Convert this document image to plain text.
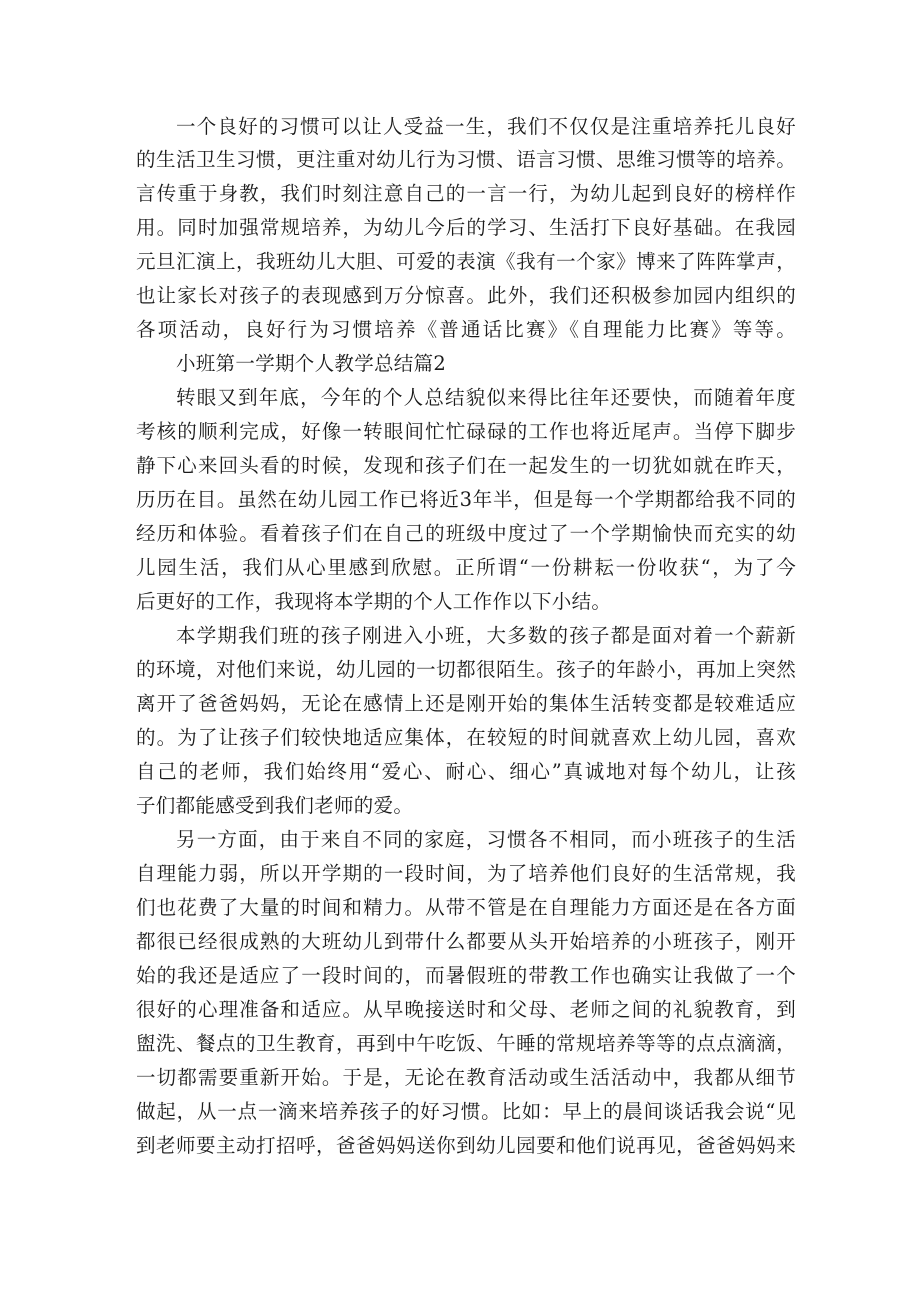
一个良好的习惯可以让人受益一生，我们不仅仅是注重培养托儿良好

的生活卫生习惯，更注重对幼儿行为习惯、语言习惯、思维习惯等的培养。

言传重于身教，我们时刻注意自己的一言一行，为幼儿起到良好的榜样作

用。同时加强常规培养，为幼儿今后的学习、生活打下良好基础。在我园

元旦汇演上，我班幼儿大胆、可爱的表演《我有一个家》博来了阵阵掌声，

也让家长对孩子的表现感到万分惊喜。此外，我们还积极参加园内组织的

各项活动，良好行为习惯培养《普通话比赛》《自理能力比赛》等等。

小班第一学期个人教学总结篇2

转眼又到年底，今年的个人总结貌似来得比往年还要快，而随着年度

考核的顺利完成，好像一转眼间忙忙碌碌的工作也将近尾声。当停下脚步

静下心来回头看的时候，发现和孩子们在一起发生的一切犹如就在昨天，

历历在目。虽然在幼儿园工作已将近3年半，但是每一个学期都给我不同的

经历和体验。看着孩子们在自己的班级中度过了一个学期愉快而充实的幼

儿园生活，我们从心里感到欣慰。正所谓“一份耕耘一份收获“，为了今

后更好的工作，我现将本学期的个人工作作以下小结。

本学期我们班的孩子刚进入小班，大多数的孩子都是面对着一个薪新

的环境，对他们来说，幼儿园的一切都很陌生。孩子的年龄小，再加上突然

离开了爸爸妈妈，无论在感情上还是刚开始的集体生活转变都是较难适应

的。为了让孩子们较快地适应集体，在较短的时间就喜欢上幼儿园，喜欢

自己的老师，我们始终用“爱心、耐心、细心”真诚地对每个幼儿，让孩

子们都能感受到我们老师的爱。

另一方面，由于来自不同的家庭，习惯各不相同，而小班孩子的生活

自理能力弱，所以开学期的一段时间，为了培养他们良好的生活常规，我

们也花费了大量的时间和精力。从带不管是在自理能力方面还是在各方面

都很已经很成熟的大班幼儿到带什么都要从头开始培养的小班孩子，刚开

始的我还是适应了一段时间的，而暑假班的带教工作也确实让我做了一个

很好的心理准备和适应。从早晚接送时和父母、老师之间的礼貌教育，到

盥洗、餐点的卫生教育，再到中午吃饭、午睡的常规培养等等的点点滴滴，

一切都需要重新开始。于是，无论在教育活动或生活活动中，我都从细节

做起，从一点一滴来培养孩子的好习惯。比如：早上的晨间谈话我会说“见

到老师要主动打招呼，爸爸妈妈送你到幼儿园要和他们说再见，爸爸妈妈来
